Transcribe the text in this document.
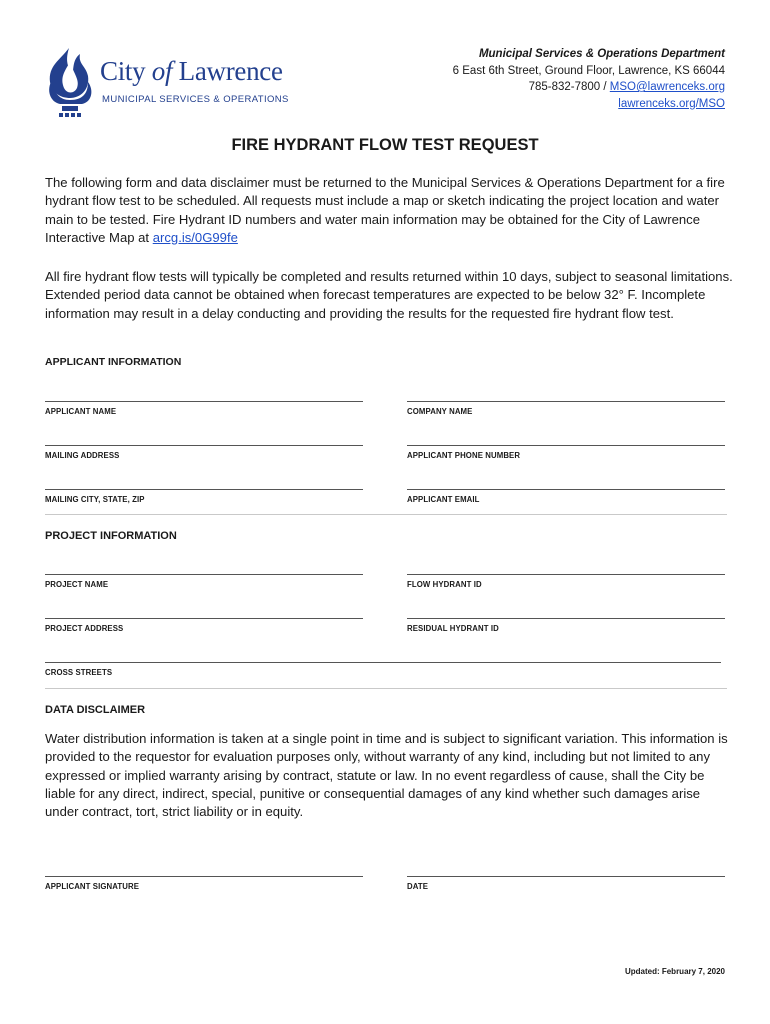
City of Lawrence
MUNICIPAL SERVICES & OPERATIONS
Municipal Services & Operations Department
6 East 6th Street, Ground Floor, Lawrence, KS 66044
785-832-7800 / MSO@lawrenceks.org
lawrenceks.org/MSO
FIRE HYDRANT FLOW TEST REQUEST
The following form and data disclaimer must be returned to the Municipal Services & Operations Department for a fire hydrant flow test to be scheduled. All requests must include a map or sketch indicating the project location and water main to be tested. Fire Hydrant ID numbers and water main information may be obtained for the City of Lawrence Interactive Map at arcg.is/0G99fe
All fire hydrant flow tests will typically be completed and results returned within 10 days, subject to seasonal limitations. Extended period data cannot be obtained when forecast temperatures are expected to be below 32° F. Incomplete information may result in a delay conducting and providing the results for the requested fire hydrant flow test.
APPLICANT INFORMATION
APPLICANT NAME	COMPANY NAME
MAILING ADDRESS	APPLICANT PHONE NUMBER
MAILING CITY, STATE, ZIP	APPLICANT EMAIL
PROJECT INFORMATION
PROJECT NAME	FLOW HYDRANT ID
PROJECT ADDRESS	RESIDUAL HYDRANT ID
CROSS STREETS
DATA DISCLAIMER
Water distribution information is taken at a single point in time and is subject to significant variation. This information is provided to the requestor for evaluation purposes only, without warranty of any kind, including but not limited to any expressed or implied warranty arising by contract, statute or law. In no event regardless of cause, shall the City be liable for any direct, indirect, special, punitive or consequential damages of any kind whether such damages arise under contract, tort, strict liability or in equity.
APPLICANT SIGNATURE	DATE
Updated: February 7, 2020
